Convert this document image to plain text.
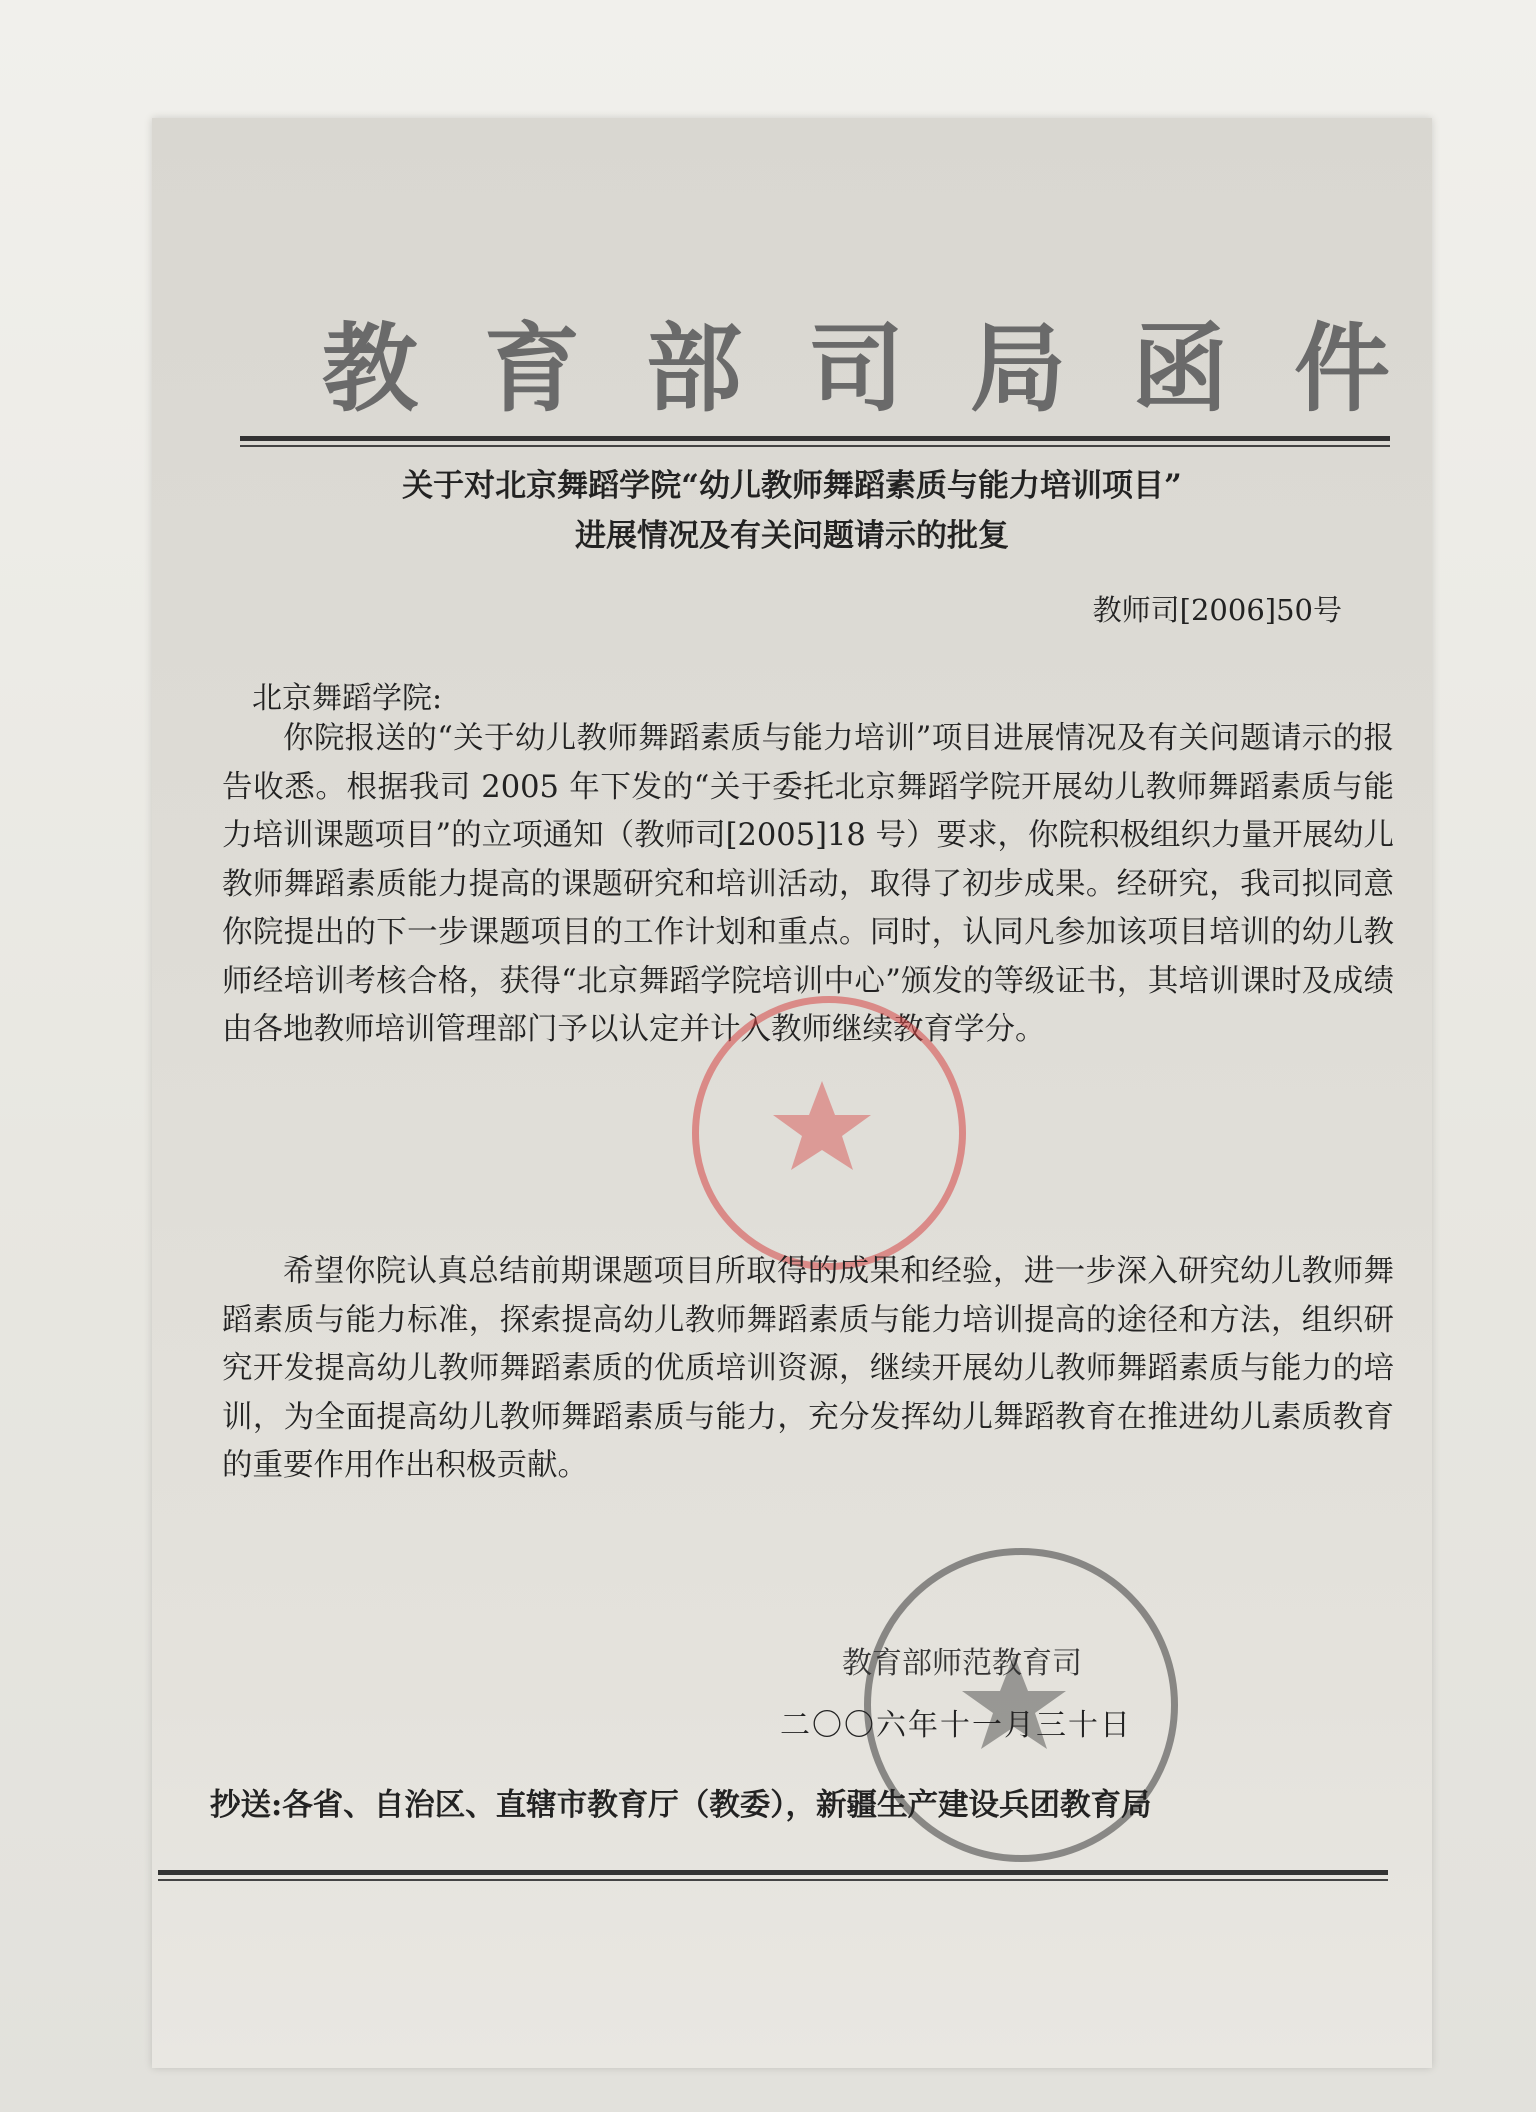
教育部司局函件
关于对北京舞蹈学院“幼儿教师舞蹈素质与能力培训项目”
进展情况及有关问题请示的批复
教师司[2006]50号
北京舞蹈学院:

你院报送的“关于幼儿教师舞蹈素质与能力培训”项目进展情况及有关问题请示的报告收悉。根据我司 2005 年下发的“关于委托北京舞蹈学院开展幼儿教师舞蹈素质与能力培训课题项目”的立项通知（教师司[2005]18 号）要求，你院积极组织力量开展幼儿教师舞蹈素质能力提高的课题研究和培训活动，取得了初步成果。经研究，我司拟同意你院提出的下一步课题项目的工作计划和重点。同时，认同凡参加该项目培训的幼儿教师经培训考核合格，获得“北京舞蹈学院培训中心”颁发的等级证书，其培训课时及成绩由各地教师培训管理部门予以认定并计入教师继续教育学分。

希望你院认真总结前期课题项目所取得的成果和经验，进一步深入研究幼儿教师舞蹈素质与能力标准，探索提高幼儿教师舞蹈素质与能力培训提高的途径和方法，组织研究开发提高幼儿教师舞蹈素质的优质培训资源，继续开展幼儿教师舞蹈素质与能力的培训，为全面提高幼儿教师舞蹈素质与能力，充分发挥幼儿舞蹈教育在推进幼儿素质教育的重要作用作出积极贡献。

教育部师范教育司
二〇〇六年十一月三十日

抄送:各省、自治区、直辖市教育厅（教委），新疆生产建设兵团教育局
